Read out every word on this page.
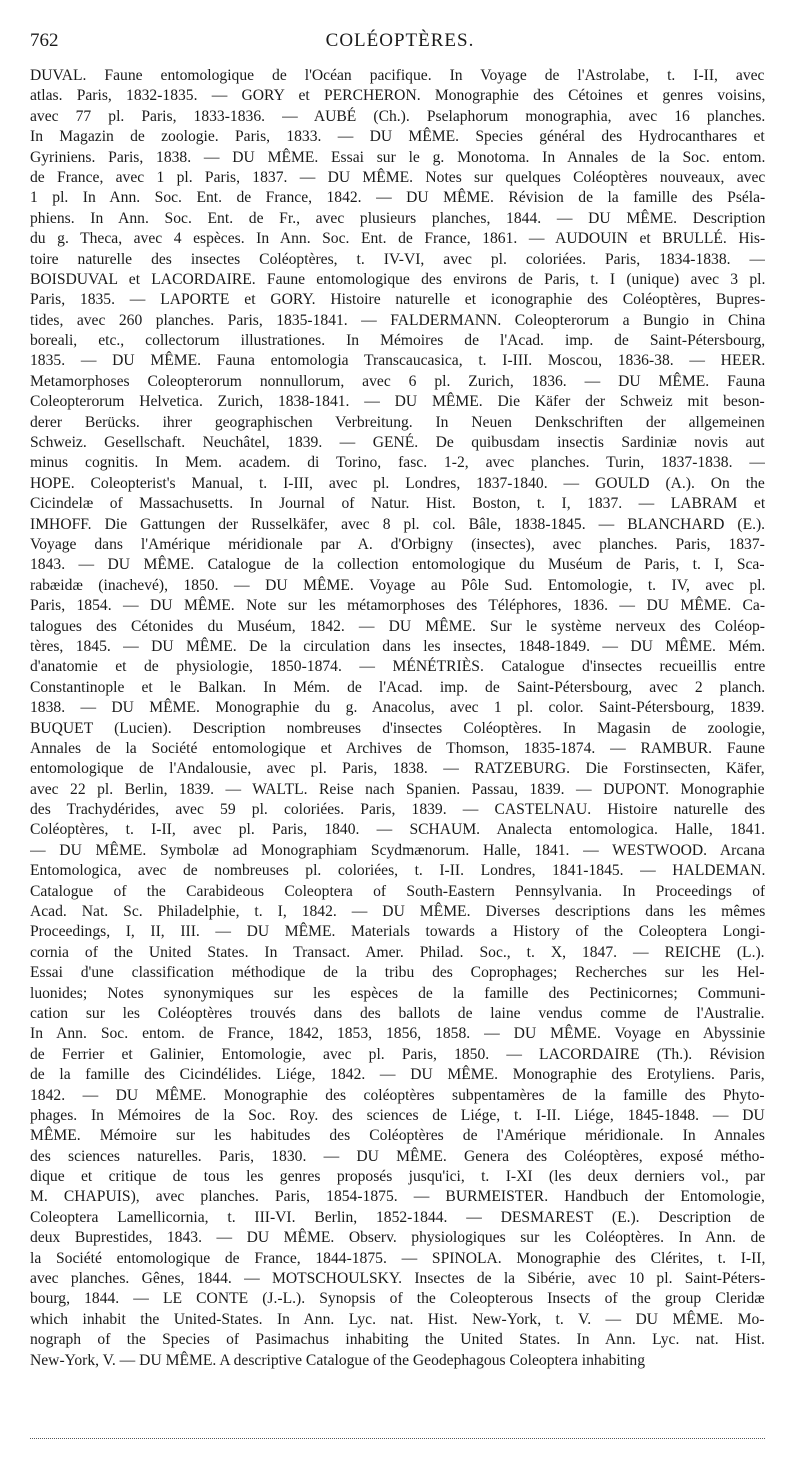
762	COLÉOPTÈRES.
DUVAL. Faune entomologique de l'Océan pacifique. In Voyage de l'Astrolabe, t. I-II, avec
atlas. Paris, 1832-1835. — GORY et PERCHERON. Monographie des Cétoines et genres voisins,
avec 77 pl. Paris, 1833-1836. — AUBÉ (Ch.). Pselaphorum monographia, avec 16 planches.
In Magazin de zoologie. Paris, 1833. — DU MÊME. Species général des Hydrocanthares et
Gyriniens. Paris, 1838. — DU MÊME. Essai sur le g. Monotoma. In Annales de la Soc. entom.
de France, avec 1 pl. Paris, 1837. — DU MÊME. Notes sur quelques Coléoptères nouveaux, avec
1 pl. In Ann. Soc. Ent. de France, 1842. — DU MÊME. Révision de la famille des Pséla-
phiens. In Ann. Soc. Ent. de Fr., avec plusieurs planches, 1844. — DU MÊME. Description
du g. Theca, avec 4 espèces. In Ann. Soc. Ent. de France, 1861. — AUDOUIN et BRULLÉ. His-
toire naturelle des insectes Coléoptères, t. IV-VI, avec pl. coloriées. Paris, 1834-1838. —
BOISDUVAL et LACORDAIRE. Faune entomologique des environs de Paris, t. I (unique) avec 3 pl.
Paris, 1835. — LAPORTE et GORY. Histoire naturelle et iconographie des Coléoptères, Bupres-
tides, avec 260 planches. Paris, 1835-1841. — FALDERMANN. Coleopterorum a Bungio in China
boreali, etc., collectorum illustrationes. In Mémoires de l'Acad. imp. de Saint-Pétersbourg,
1835. — DU MÊME. Fauna entomologia Transcaucasica, t. I-III. Moscou, 1836-38. — HEER.
Metamorphoses Coleopterorum nonnullorum, avec 6 pl. Zurich, 1836. — DU MÊME. Fauna
Coleopterorum Helvetica. Zurich, 1838-1841. — DU MÊME. Die Käfer der Schweiz mit beson-
derer Berücks. ihrer geographischen Verbreitung. In Neuen Denkschriften der allgemeinen
Schweiz. Gesellschaft. Neuchâtel, 1839. — GENÉ. De quibusdam insectis Sardiniæ novis aut
minus cognitis. In Mem. academ. di Torino, fasc. 1-2, avec planches. Turin, 1837-1838. —
HOPE. Coleopterist's Manual, t. I-III, avec pl. Londres, 1837-1840. — GOULD (A.). On the
Cicindelæ of Massachusetts. In Journal of Natur. Hist. Boston, t. I, 1837. — LABRAM et
IMHOFF. Die Gattungen der Russelkäfer, avec 8 pl. col. Bâle, 1838-1845. — BLANCHARD (E.).
Voyage dans l'Amérique méridionale par A. d'Orbigny (insectes), avec planches. Paris, 1837-
1843. — DU MÊME. Catalogue de la collection entomologique du Muséum de Paris, t. I, Sca-
rabæidæ (inachevé), 1850. — DU MÊME. Voyage au Pôle Sud. Entomologie, t. IV, avec pl.
Paris, 1854. — DU MÊME. Note sur les métamorphoses des Téléphores, 1836. — DU MÊME. Ca-
talogues des Cétonides du Muséum, 1842. — DU MÊME. Sur le système nerveux des Coléop-
tères, 1845. — DU MÊME. De la circulation dans les insectes, 1848-1849. — DU MÊME. Mém.
d'anatomie et de physiologie, 1850-1874. — MÉNÉTRIÈS. Catalogue d'insectes recueillis entre
Constantinople et le Balkan. In Mém. de l'Acad. imp. de Saint-Pétersbourg, avec 2 planch.
1838. — DU MÊME. Monographie du g. Anacolus, avec 1 pl. color. Saint-Pétersbourg, 1839.
BUQUET (Lucien). Description nombreuses d'insectes Coléoptères. In Magasin de zoologie,
Annales de la Société entomologique et Archives de Thomson, 1835-1874. — RAMBUR. Faune
entomologique de l'Andalousie, avec pl. Paris, 1838. — RATZEBURG. Die Forstinsecten, Käfer,
avec 22 pl. Berlin, 1839. — WALTL. Reise nach Spanien. Passau, 1839. — DUPONT. Monographie
des Trachydérides, avec 59 pl. coloriées. Paris, 1839. — CASTELNAU. Histoire naturelle des
Coléoptères, t. I-II, avec pl. Paris, 1840. — SCHAUM. Analecta entomologica. Halle, 1841.
— DU MÊME. Symbolæ ad Monographiam Scydmænorum. Halle, 1841. — WESTWOOD. Arcana
Entomologica, avec de nombreuses pl. coloriées, t. I-II. Londres, 1841-1845. — HALDEMAN.
Catalogue of the Carabideous Coleoptera of South-Eastern Pennsylvania. In Proceedings of
Acad. Nat. Sc. Philadelphie, t. I, 1842. — DU MÊME. Diverses descriptions dans les mêmes
Proceedings, I, II, III. — DU MÊME. Materials towards a History of the Coleoptera Longi-
cornia of the United States. In Transact. Amer. Philad. Soc., t. X, 1847. — REICHE (L.).
Essai d'une classification méthodique de la tribu des Coprophages; Recherches sur les Hel-
luonides; Notes synonymiques sur les espèces de la famille des Pectinicornes; Communi-
cation sur les Coléoptères trouvés dans des ballots de laine vendus comme de l'Australie.
In Ann. Soc. entom. de France, 1842, 1853, 1856, 1858. — DU MÊME. Voyage en Abyssinie
de Ferrier et Galinier, Entomologie, avec pl. Paris, 1850. — LACORDAIRE (Th.). Révision
de la famille des Cicindélides. Liége, 1842. — DU MÊME. Monographie des Erotyliens. Paris,
1842. — DU MÊME. Monographie des coléoptères subpentamères de la famille des Phyto-
phages. In Mémoires de la Soc. Roy. des sciences de Liége, t. I-II. Liége, 1845-1848. — DU
MÊME. Mémoire sur les habitudes des Coléoptères de l'Amérique méridionale. In Annales
des sciences naturelles. Paris, 1830. — DU MÊME. Genera des Coléoptères, exposé métho-
dique et critique de tous les genres proposés jusqu'ici, t. I-XI (les deux derniers vol., par
M. CHAPUIS), avec planches. Paris, 1854-1875. — BURMEISTER. Handbuch der Entomologie,
Coleoptera Lamellicornia, t. III-VI. Berlin, 1852-1844. — DESMAREST (E.). Description de
deux Buprestides, 1843. — DU MÊME. Observ. physiologiques sur les Coléoptères. In Ann. de
la Société entomologique de France, 1844-1875. — SPINOLA. Monographie des Clérites, t. I-II,
avec planches. Gênes, 1844. — MOTSCHOULSKY. Insectes de la Sibérie, avec 10 pl. Saint-Péters-
bourg, 1844. — LE CONTE (J.-L.). Synopsis of the Coleopterous Insects of the group Cleridæ
which inhabit the United-States. In Ann. Lyc. nat. Hist. New-York, t. V. — DU MÊME. Mo-
nograph of the Species of Pasimachus inhabiting the United States. In Ann. Lyc. nat. Hist.
New-York, V. — DU MÊME. A descriptive Catalogue of the Geodephagous Coleoptera inhabiting
